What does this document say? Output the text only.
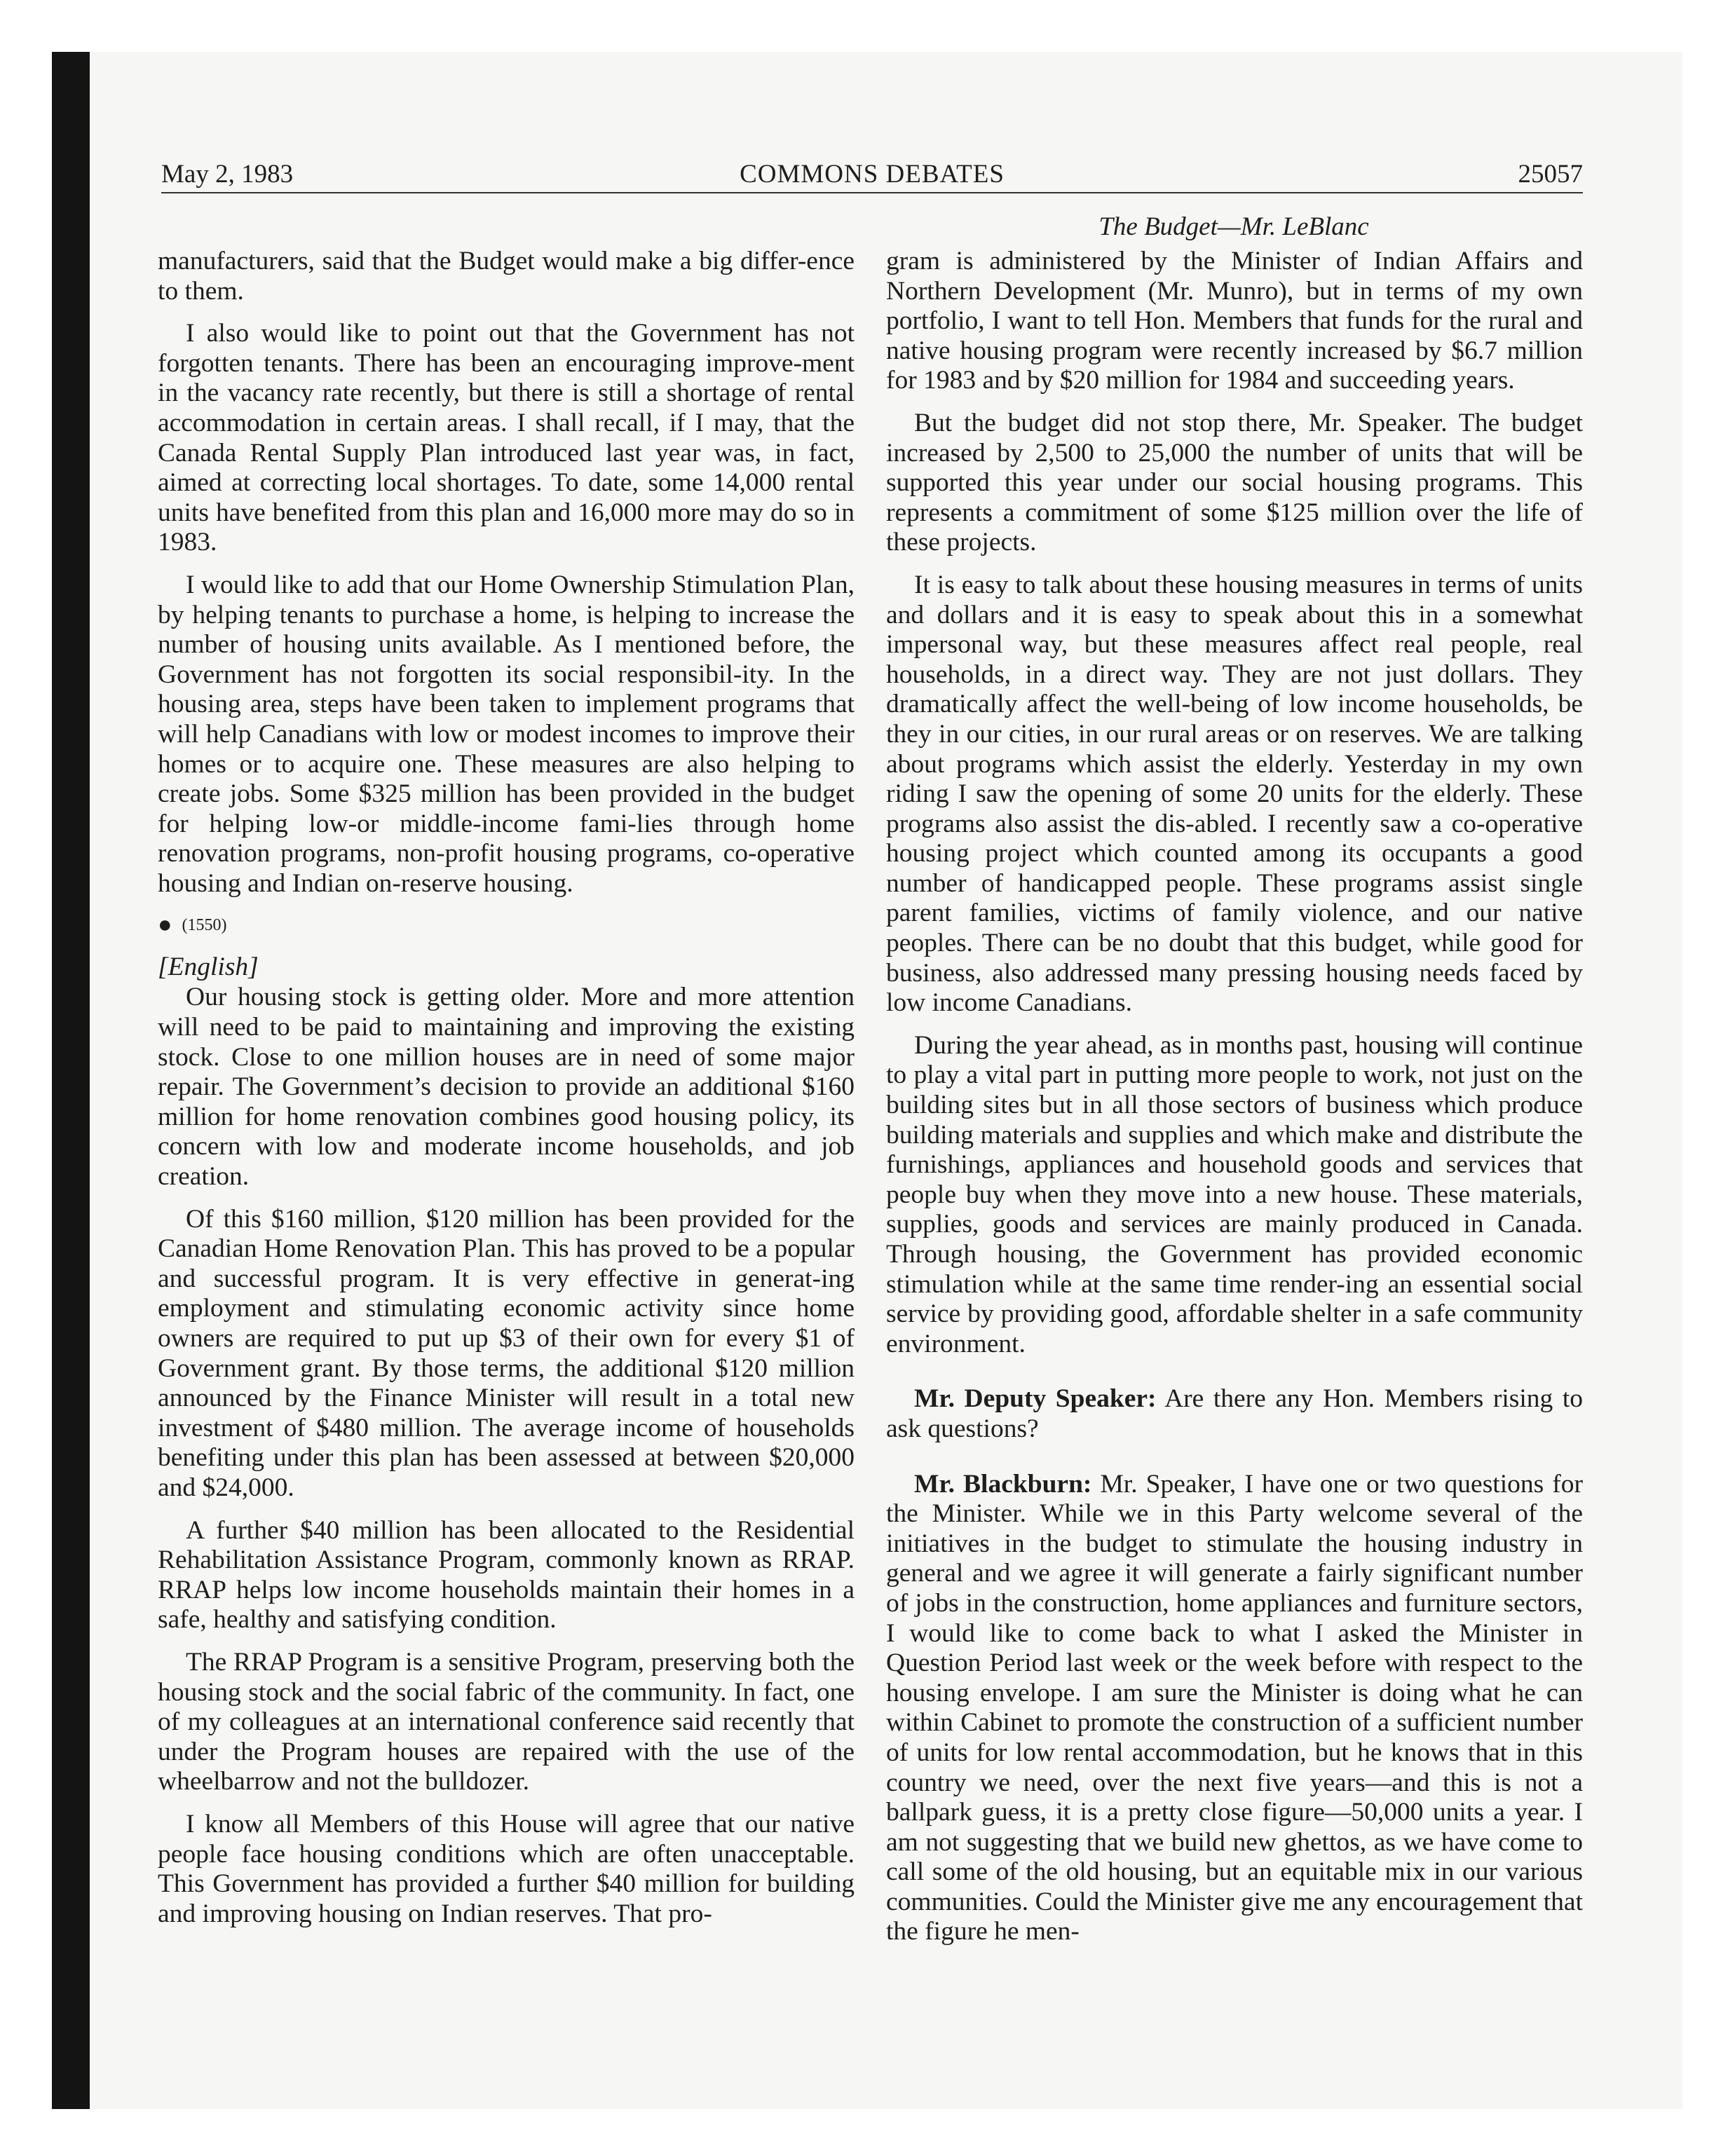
May 2, 1983	COMMONS DEBATES	25057
The Budget—Mr. LeBlanc

manufacturers, said that the Budget would make a big differ-ence to them.

I also would like to point out that the Government has not forgotten tenants. There has been an encouraging improve-ment in the vacancy rate recently, but there is still a shortage of rental accommodation in certain areas. I shall recall, if I may, that the Canada Rental Supply Plan introduced last year was, in fact, aimed at correcting local shortages. To date, some 14,000 rental units have benefited from this plan and 16,000 more may do so in 1983.

I would like to add that our Home Ownership Stimulation Plan, by helping tenants to purchase a home, is helping to increase the number of housing units available. As I mentioned before, the Government has not forgotten its social responsibil-ity. In the housing area, steps have been taken to implement programs that will help Canadians with low or modest incomes to improve their homes or to acquire one. These measures are also helping to create jobs. Some $325 million has been provided in the budget for helping low-or middle-income fami-lies through home renovation programs, non-profit housing programs, co-operative housing and Indian on-reserve housing.

● (1550)
[English]

Our housing stock is getting older. More and more attention will need to be paid to maintaining and improving the existing stock. Close to one million houses are in need of some major repair. The Government’s decision to provide an additional $160 million for home renovation combines good housing policy, its concern with low and moderate income households, and job creation.

Of this $160 million, $120 million has been provided for the Canadian Home Renovation Plan. This has proved to be a popular and successful program. It is very effective in generat-ing employment and stimulating economic activity since home owners are required to put up $3 of their own for every $1 of Government grant. By those terms, the additional $120 million announced by the Finance Minister will result in a total new investment of $480 million. The average income of households benefiting under this plan has been assessed at between $20,000 and $24,000.

A further $40 million has been allocated to the Residential Rehabilitation Assistance Program, commonly known as RRAP. RRAP helps low income households maintain their homes in a safe, healthy and satisfying condition.

The RRAP Program is a sensitive Program, preserving both the housing stock and the social fabric of the community. In fact, one of my colleagues at an international conference said recently that under the Program houses are repaired with the use of the wheelbarrow and not the bulldozer.

I know all Members of this House will agree that our native people face housing conditions which are often unacceptable. This Government has provided a further $40 million for building and improving housing on Indian reserves. That pro-

gram is administered by the Minister of Indian Affairs and Northern Development (Mr. Munro), but in terms of my own portfolio, I want to tell Hon. Members that funds for the rural and native housing program were recently increased by $6.7 million for 1983 and by $20 million for 1984 and succeeding years.

But the budget did not stop there, Mr. Speaker. The budget increased by 2,500 to 25,000 the number of units that will be supported this year under our social housing programs. This represents a commitment of some $125 million over the life of these projects.

It is easy to talk about these housing measures in terms of units and dollars and it is easy to speak about this in a somewhat impersonal way, but these measures affect real people, real households, in a direct way. They are not just dollars. They dramatically affect the well-being of low income households, be they in our cities, in our rural areas or on reserves. We are talking about programs which assist the elderly. Yesterday in my own riding I saw the opening of some 20 units for the elderly. These programs also assist the dis-abled. I recently saw a co-operative housing project which counted among its occupants a good number of handicapped people. These programs assist single parent families, victims of family violence, and our native peoples. There can be no doubt that this budget, while good for business, also addressed many pressing housing needs faced by low income Canadians.

During the year ahead, as in months past, housing will continue to play a vital part in putting more people to work, not just on the building sites but in all those sectors of business which produce building materials and supplies and which make and distribute the furnishings, appliances and household goods and services that people buy when they move into a new house. These materials, supplies, goods and services are mainly produced in Canada. Through housing, the Government has provided economic stimulation while at the same time render-ing an essential social service by providing good, affordable shelter in a safe community environment.

Mr. Deputy Speaker: Are there any Hon. Members rising to ask questions?

Mr. Blackburn: Mr. Speaker, I have one or two questions for the Minister. While we in this Party welcome several of the initiatives in the budget to stimulate the housing industry in general and we agree it will generate a fairly significant number of jobs in the construction, home appliances and furniture sectors, I would like to come back to what I asked the Minister in Question Period last week or the week before with respect to the housing envelope. I am sure the Minister is doing what he can within Cabinet to promote the construction of a sufficient number of units for low rental accommodation, but he knows that in this country we need, over the next five years—and this is not a ballpark guess, it is a pretty close figure—50,000 units a year. I am not suggesting that we build new ghettos, as we have come to call some of the old housing, but an equitable mix in our various communities. Could the Minister give me any encouragement that the figure he men-
